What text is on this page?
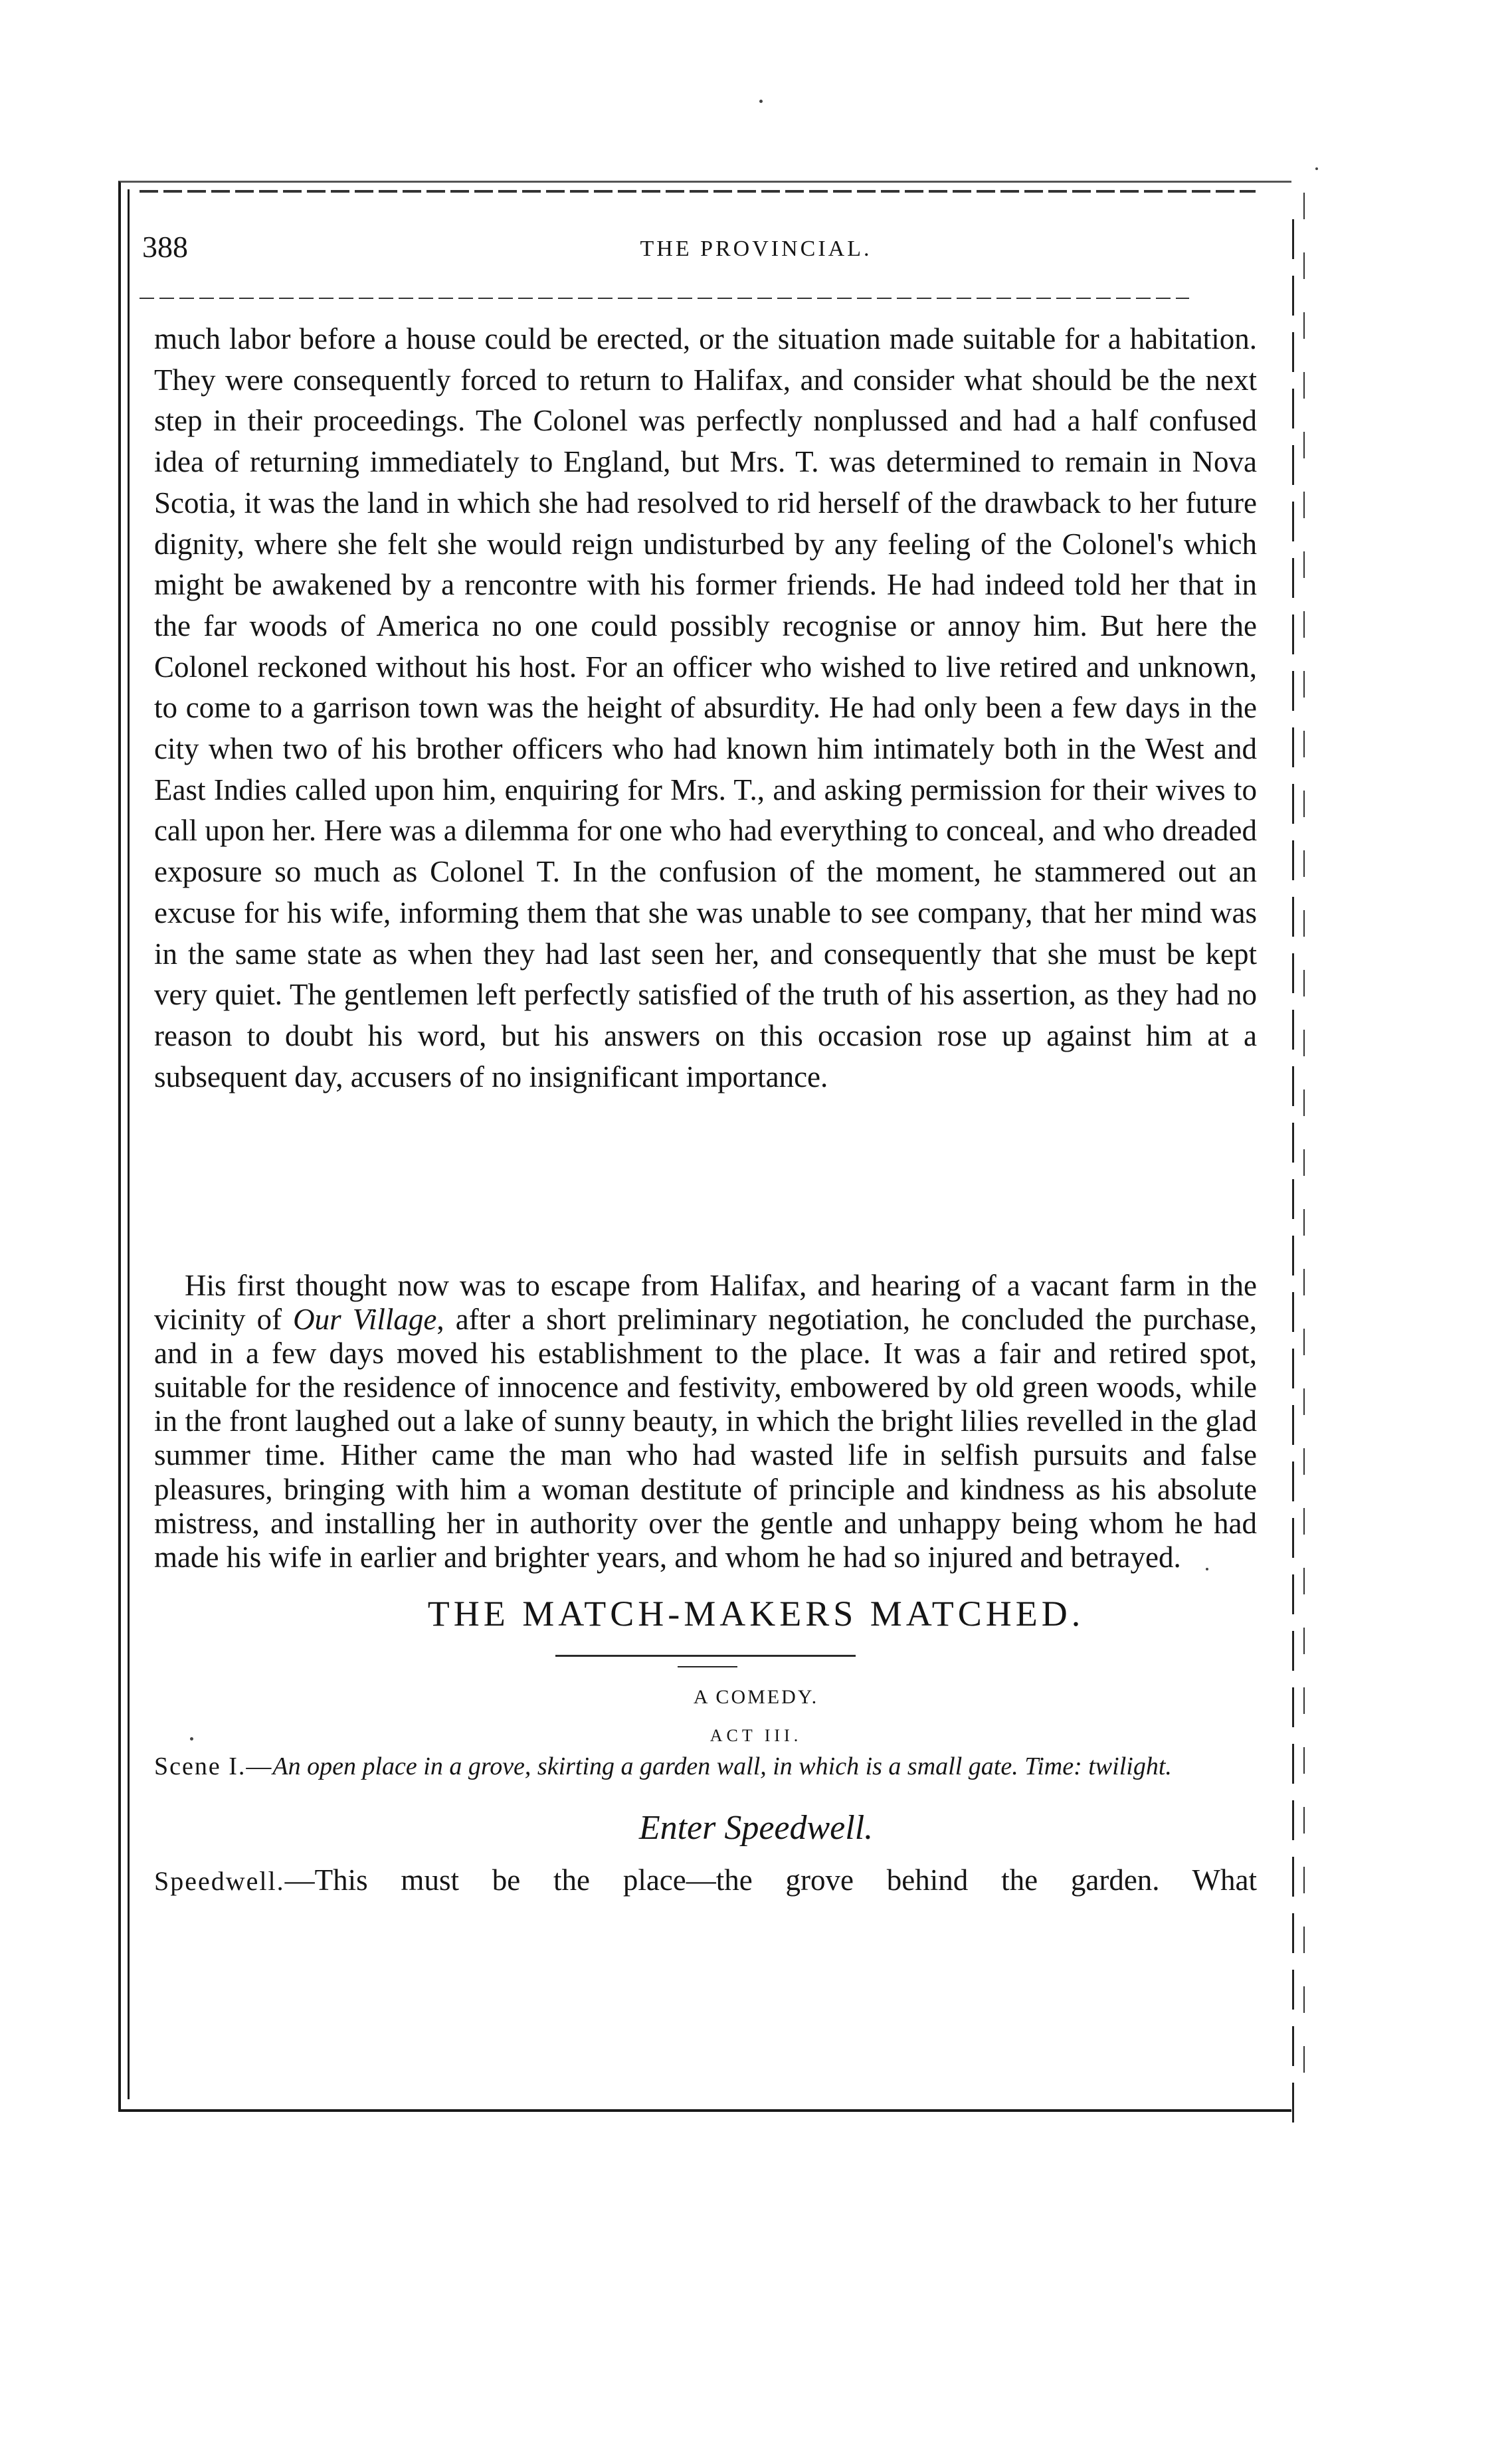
388	THE PROVINCIAL.
much labor before a house could be erected, or the situation made suitable for a habitation. They were consequently forced to return to Halifax, and consider what should be the next step in their proceedings. The Colonel was perfectly nonplussed and had a half confused idea of returning immediately to England, but Mrs. T. was determined to remain in Nova Scotia, it was the land in which she had resolved to rid herself of the drawback to her future dignity, where she felt she would reign undisturbed by any feeling of the Colonel's which might be awakened by a rencontre with his former friends. He had indeed told her that in the far woods of America no one could possibly recognise or annoy him. But here the Colonel reckoned without his host. For an officer who wished to live retired and unknown, to come to a garrison town was the height of absurdity. He had only been a few days in the city when two of his brother officers who had known him intimately both in the West and East Indies called upon him, enquiring for Mrs. T., and asking permission for their wives to call upon her. Here was a dilemma for one who had everything to conceal, and who dreaded exposure so much as Colonel T. In the confusion of the moment, he stammered out an excuse for his wife, informing them that she was unable to see company, that her mind was in the same state as when they had last seen her, and consequently that she must be kept very quiet. The gentlemen left perfectly satisfied of the truth of his assertion, as they had no reason to doubt his word, but his answers on this occasion rose up against him at a subsequent day, accusers of no insignificant importance.
His first thought now was to escape from Halifax, and hearing of a vacant farm in the vicinity of Our Village, after a short preliminary negotiation, he concluded the purchase, and in a few days moved his establishment to the place. It was a fair and retired spot, suitable for the residence of innocence and festivity, embowered by old green woods, while in the front laughed out a lake of sunny beauty, in which the bright lilies revelled in the glad summer time. Hither came the man who had wasted life in selfish pursuits and false pleasures, bringing with him a woman destitute of principle and kindness as his absolute mistress, and installing her in authority over the gentle and unhappy being whom he had made his wife in earlier and brighter years, and whom he had so injured and betrayed.
THE MATCH-MAKERS MATCHED.
A COMEDY.
ACT III.
Scene I.—An open place in a grove, skirting a garden wall, in which is a small gate. Time: twilight.
Enter Speedwell.
Speedwell.—This must be the place—the grove behind the garden. What
